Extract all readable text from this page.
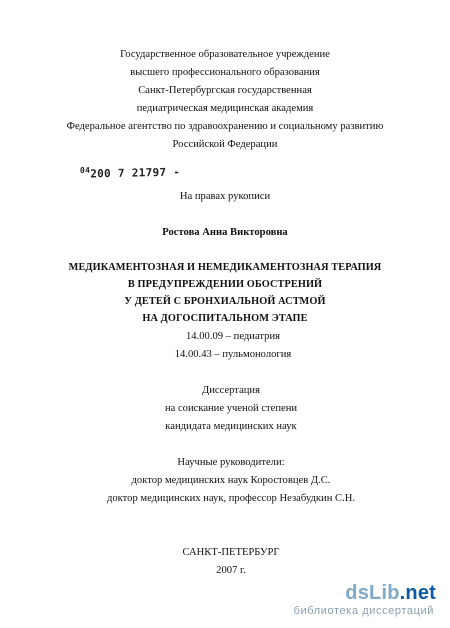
Государственное образовательное учреждение
высшего профессионального образования
Санкт-Петербургская государственная
педиатрическая медицинская академия
Федеральное агентство по здравоохранению и социальному развитию
Российской Федерации
$^{04}$200 7 21797 -
На правах рукописи
Ростова Анна Викторовна
МЕДИКАМЕНТОЗНАЯ И НЕМЕДИКАМЕНТОЗНАЯ ТЕРАПИЯ
В ПРЕДУПРЕЖДЕНИИ ОБОСТРЕНИЙ
У ДЕТЕЙ С БРОНХИАЛЬНОЙ АСТМОЙ
НА ДОГОСПИТАЛЬНОМ ЭТАПЕ
14.00.09 – педиатрия
14.00.43 – пульмонология
Диссертация
на соискание ученой степени
кандидата медицинских наук
Научные руководители:
доктор медицинских наук Коростовцев Д.С.
доктор медицинских наук, профессор Незабудкин С.Н.
САНКТ-ПЕТЕРБУРГ
2007 г.
dsLib.net
библиотека диссертаций
